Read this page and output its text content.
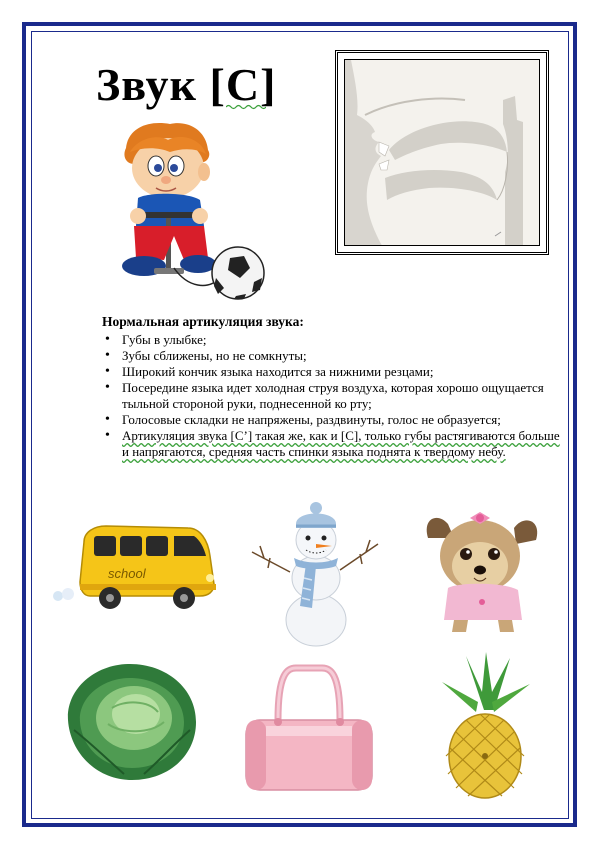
Звук [С]
Нормальная артикуляция звука:
• Губы в улыбке;
• Зубы сближены, но не сомкнуты;
• Широкий кончик языка находится за нижними резцами;
• Посередине языка идет холодная струя воздуха, которая хорошо ощущается тыльной стороной руки, поднесенной ко рту;
• Голосовые складки не напряжены, раздвинуты, голос не образуется;
• Артикуляция звука [С’] такая же, как и [С], только губы растягиваются больше и напрягаются, средняя часть спинки языка поднята к твердому небу.
school
